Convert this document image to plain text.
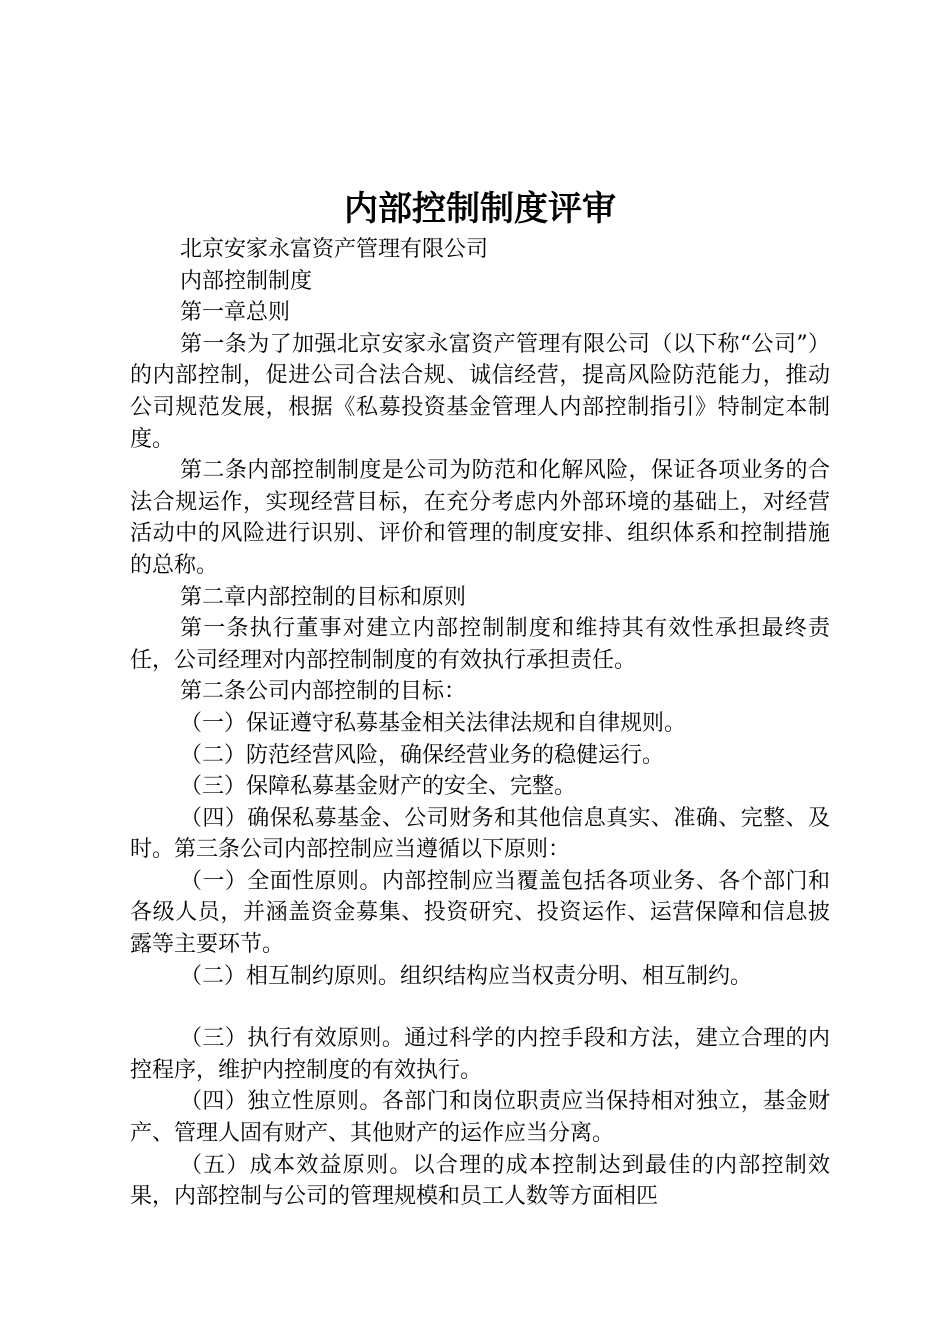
内部控制制度评审

北京安家永富资产管理有限公司

内部控制制度

第一章总则

第一条为了加强北京安家永富资产管理有限公司（以下称“公司”）的内部控制，促进公司合法合规、诚信经营，提高风险防范能力，推动公司规范发展，根据《私募投资基金管理人内部控制指引》特制定本制度。

第二条内部控制制度是公司为防范和化解风险，保证各项业务的合法合规运作，实现经营目标，在充分考虑内外部环境的基础上，对经营活动中的风险进行识别、评价和管理的制度安排、组织体系和控制措施的总称。

第二章内部控制的目标和原则

第一条执行董事对建立内部控制制度和维持其有效性承担最终责任，公司经理对内部控制制度的有效执行承担责任。

第二条公司内部控制的目标：

（一）保证遵守私募基金相关法律法规和自律规则。

（二）防范经营风险，确保经营业务的稳健运行。

（三）保障私募基金财产的安全、完整。

（四）确保私募基金、公司财务和其他信息真实、准确、完整、及时。第三条公司内部控制应当遵循以下原则：

（一）全面性原则。内部控制应当覆盖包括各项业务、各个部门和各级人员，并涵盖资金募集、投资研究、投资运作、运营保障和信息披露等主要环节。

（二）相互制约原则。组织结构应当权责分明、相互制约。

（三）执行有效原则。通过科学的内控手段和方法，建立合理的内控程序，维护内控制度的有效执行。

（四）独立性原则。各部门和岗位职责应当保持相对独立，基金财产、管理人固有财产、其他财产的运作应当分离。

（五）成本效益原则。以合理的成本控制达到最佳的内部控制效果，内部控制与公司的管理规模和员工人数等方面相匹
